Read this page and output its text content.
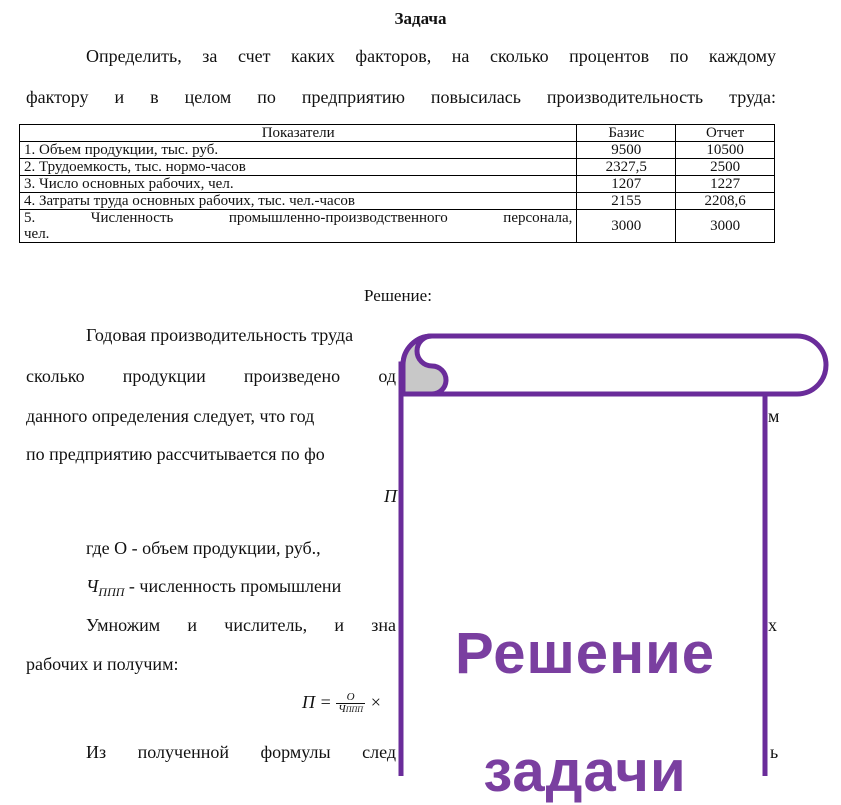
Задача
Определить, за счет каких факторов, на сколько процентов по каждому
фактору и в целом по предприятию повысилась производительность труда:
Показатели	Базис	Отчет
1. Объем продукции, тыс. руб.	9500	10500
2. Трудоемкость, тыс. нормо-часов	2327,5	2500
3. Число основных рабочих, чел.	1207	1227
4. Затраты труда основных рабочих, тыс. чел.-часов	2155	2208,6

5. Численность промышленно-производственного персонала,
чел.	3000	3000
Решение:
Годовая производительность труда
сколько продукции произведено од
данного определения следует, что год	м
по предприятию рассчитывается по фо
П
где О - объем продукции, руб.,
$Ч_{ППП}$ - численность промышлени
Умножим и числитель, и зна	х
рабочих и получим:
$П = \frac{О}{\text{ЧППП}}$ ×
Из полученной формулы след	ь
Решение
задачи
